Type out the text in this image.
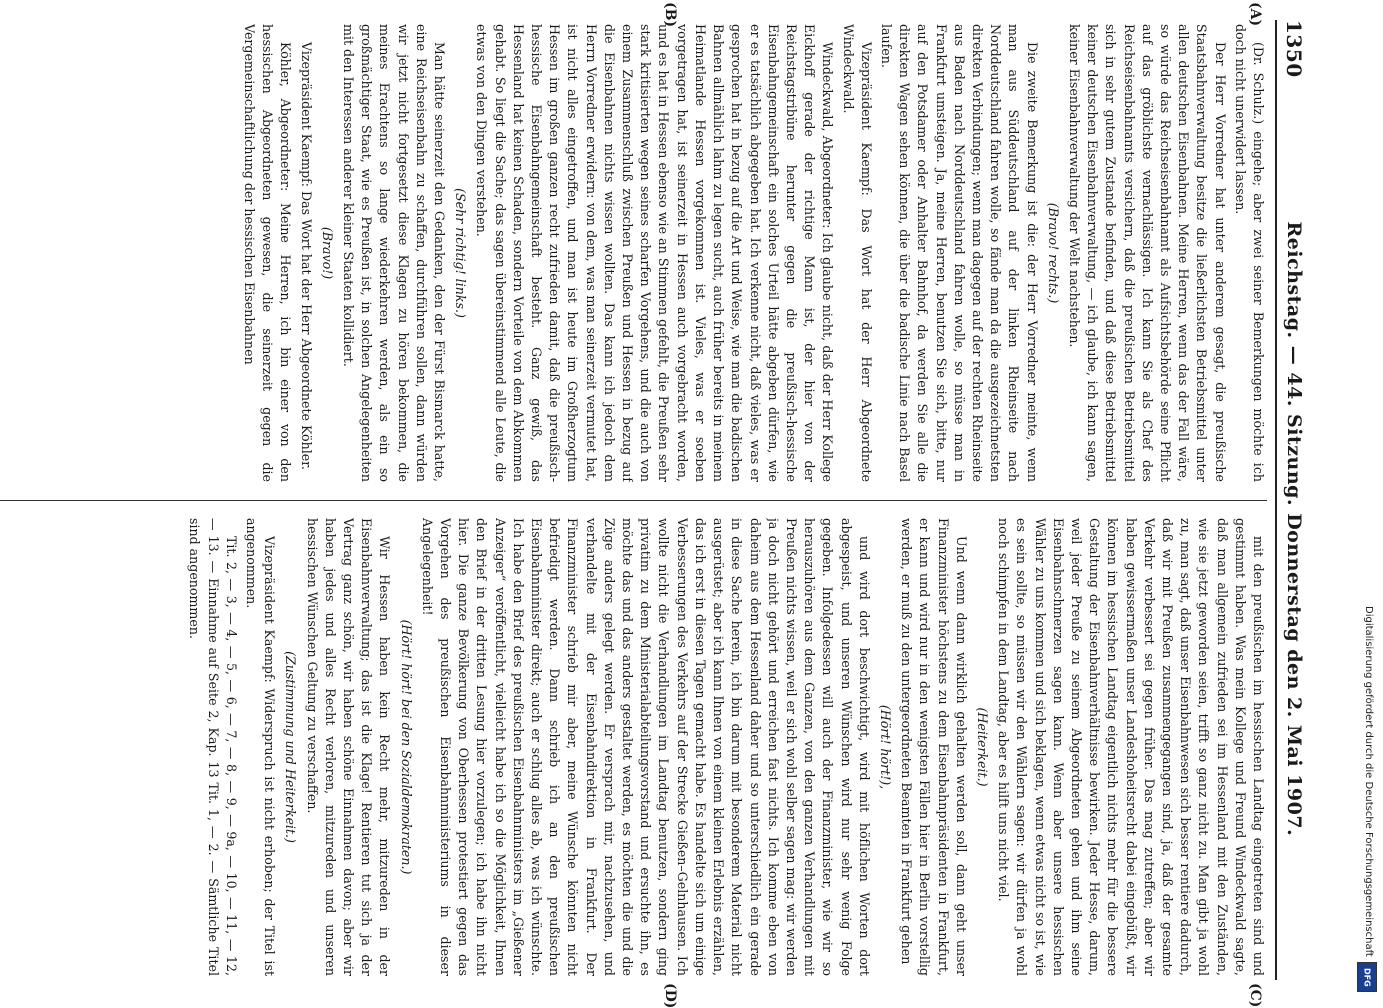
1350
Reichstag. — 44. Sitzung. Donnerstag den 2. Mai 1907.
(A)
(B)
(C)
(D)

(Dr. Schulz.) eingehe; aber zwei seiner Bemerkungen möchte ich doch nicht unerwidert lassen.

Der Herr Vorredner hat unter anderem gesagt, die preußische Staatsbahnverwaltung besitze die ließerlichsten Betriebsmittel unter allen deutschen Eisenbahnen. Meine Herren, wenn das der Fall wäre, so würde das Reichseisenbahnamt als Aufsichtsbehörde seine Pflicht auf das gröblichste vernachlässigen. Ich kann Sie als Chef des Reichseisenbahnamts versichern, daß die preußischen Betriebsmittel sich in sehr gutem Zustande befinden, und daß diese Betriebsmittel keiner deutschen Eisenbahnverwaltung, — ich glaube, ich kann sagen, keiner Eisenbahnverwaltung der Welt nachstehen.

(Bravo! rechts.)

Die zweite Bemerkung ist die: der Herr Vorredner meinte, wenn man aus Süddeutschland auf der linken Rheinseite nach Norddeutschland fahren wolle, so fände man da die ausgezeichnetsten direkten Verbindungen; wenn man dagegen auf der rechten Rheinseite aus Baden nach Norddeutschland fahren wolle, so müsse man in Frankfurt umsteigen. Ja, meine Herren, benutzen Sie sich, bitte, nur auf den Potsdamer oder Anhalter Bahnhof, da werden Sie alle die direkten Wagen sehen können, die über die badische Linie nach Basel laufen.

Vizepräsident Kaempf: Das Wort hat der Herr Abgeordnete Windeckwald.

Windeckwald, Abgeordneter: Ich glaube nicht, daß der Herr Kollege Eickhoff gerade der richtige Mann ist, der hier von der Reichstagstribüne herunter gegen die preußisch-hessische Eisenbahngemeinschaft ein solches Urteil hätte abgeben dürfen, wie er es tatsächlich abgegeben hat. Ich verkenne nicht, daß vieles, was er gesprochen hat in bezug auf die Art und Weise, wie man die badischen Bahnen allmählich lahm zu legen sucht, auch früher bereits in meinem Heimatlande Hessen vorgekommen ist. Vieles, was er soeben vorgetragen hat, ist seinerzeit in Hessen auch vorgebracht worden, und es hat in Hessen ebenso wie an Stimmen gefehlt, die Preußen sehr stark kritisierten wegen seines scharfen Vorgehens, und die auch von einem Zusammenschluß zwischen Preußen und Hessen in bezug auf die Eisenbahnen nichts wissen wollten. Das kann ich jedoch dem Herrn Vorredner erwidern: von dem, was man seinerzeit vermutet hat, ist nicht alles eingetroffen, und man ist heute im Großherzogtum Hessen im großen ganzen recht zufrieden damit, daß die preußisch-hessische Eisenbahngemeinschaft besteht. Ganz gewiß, das Hessenland hat keinen Schaden, sondern Vorteile von dem Abkommen gehabt. So liegt die Sache; das sagen übereinstimmend alle Leute, die etwas von den Dingen verstehen.

(Sehr richtig! links.)

Man hätte seinerzeit den Gedanken, den der Fürst Bismarck hatte, eine Reichseisenbahn zu schaffen, durchführen sollen, dann würden wir jetzt nicht fortgesetzt diese Klagen zu hören bekommen, die meines Erachtens so lange wiederkehren werden, als ein so großmächtiger Staat, wie es Preußen ist, in solchen Angelegenheiten mit den Interessen anderer kleiner Staaten kollidiert.

(Bravo!)

Vizepräsident Kaempf: Das Wort hat der Herr Abgeordnete Köhler.

Köhler, Abgeordneter: Meine Herren, ich bin einer von den hessischen Abgeordneten gewesen, die seinerzeit gegen die Vergemeinschaftlichung der hessischen Eisenbahnen

mit den preußischen im hessischen Landtag eingetreten sind und gestimmt haben. Was mein Kollege und Freund Windeckwald sagte, daß man allgemein zufrieden sei im Hessenland mit den Zuständen, wie sie jetzt geworden seien, trifft so ganz nicht zu. Man gibt ja wohl zu, man sagt, daß unser Eisenbahnwesen sich besser rentiere dadurch, daß wir mit Preußen zusammengegangen sind, ja, daß der gesamte Verkehr verbessert sei gegen früher. Das mag zutreffen; aber wir haben gewissermaßen unser Landeshoheitsrecht dabei eingebüßt, wir können im hessischen Landtag eigentlich nichts mehr für die bessere Gestaltung der Eisenbahnverhältnisse bewirken. Jeder Hesse, darum, weil jeder Preuße zu seinem Abgeordneten gehen und ihm seine Eisenbahnschmerzen sagen kann. Wenn aber unsere hessischen Wähler zu uns kommen und sich beklagen, wenn etwas nicht so ist, wie es sein sollte, so müssen wir den Wählern sagen: wir dürfen ja wohl noch schimpfen in dem Landtag, aber es hilft uns nicht viel.

(Heiterkeit.)

Und wenn dann wirklich gehalten werden soll, dann geht unser Finanzminister höchstens zu dem Eisenbahnpräsidenten in Frankfurt, er kann und wird nur in den wenigsten Fällen hier in Berlin vorstellig werden, er muß zu den untergeordneten Beamten in Frankfurt gehen

(Hört! hört!),

und wird dort beschwichtigt, wird mit höflichen Worten dort abgespeist, und unseren Wünschen wird nur sehr wenig Folge gegeben. Infolgedessen will auch der Finanzminister, wie wir so herauszuhören aus dem Ganzen, von den ganzen Verhandlungen mit Preußen nichts wissen, weil er sich wohl selber sagen mag: wir werden ja doch nicht gehört und erreichen fast nichts. Ich komme eben von daheim aus dem Hessenland daher und so unterschiedlich ein gerade in diese Sache herein, ich bin darum mit besonderem Material nicht ausgerüstet; aber ich kann Ihnen von einem kleinen Erlebnis erzählen, das ich erst in diesen Tagen gemacht habe. Es handelte sich um einige Verbesserungen des Verkehrs auf der Strecke Gießen–Gelnhausen. Ich wollte nicht die Verhandlungen im Landtag benutzen, sondern ging privatim zu dem Ministerialabteilungsvorstand und ersuchte ihn, es möchte das und das anders gestaltet werden, es möchten die und die Züge anders gelegt werden. Er versprach mir, nachzusehen, und verhandelte mit der Eisenbahndirektion in Frankfurt. Der Finanzminister schrieb mir aber, meine Wünsche könnten nicht befriedigt werden. Dann schrieb ich an den preußischen Eisenbahnminister direkt; auch er schlug alles ab, was ich wünschte. Ich habe den Brief des preußischen Eisenbahnministers im „Gießener Anzeiger“ veröffentlicht, vielleicht habe ich so die Möglichkeit, Ihnen den Brief in der dritten Lesung hier vorzulegen; ich habe ihn nicht hier. Die ganze Bevölkerung von Oberhessen protestiert gegen das Vorgehen des preußischen Eisenbahnministeriums in dieser Angelegenheit!

(Hört! hört! bei den Sozialdemokraten.)

Wir Hessen haben kein Recht mehr, mitzureden in der Eisenbahnverwaltung; das ist die Klage! Rentieren tut sich ja der Vertrag ganz schön, wir haben schöne Einnahmen davon; aber wir haben jedes und alles Recht verloren, mitzureden und unseren hessischen Wünschen Geltung zu verschaffen.

(Zustimmung und Heiterkeit.)

Vizepräsident Kaempf: Widerspruch ist nicht erhoben; der Titel ist angenommen.

Tit. 2, — 3, — 4, — 5, — 6, — 7, — 8, — 9, — 9a, — 10, — 11, — 12, — 13. — Einnahme auf Seite 2, Kap. 13 Tit. 1, — 2. — Sämtliche Titel sind angenommen.

Digitalisierung gefördert durch die Deutsche Forschungsgemeinschaft
DFG
